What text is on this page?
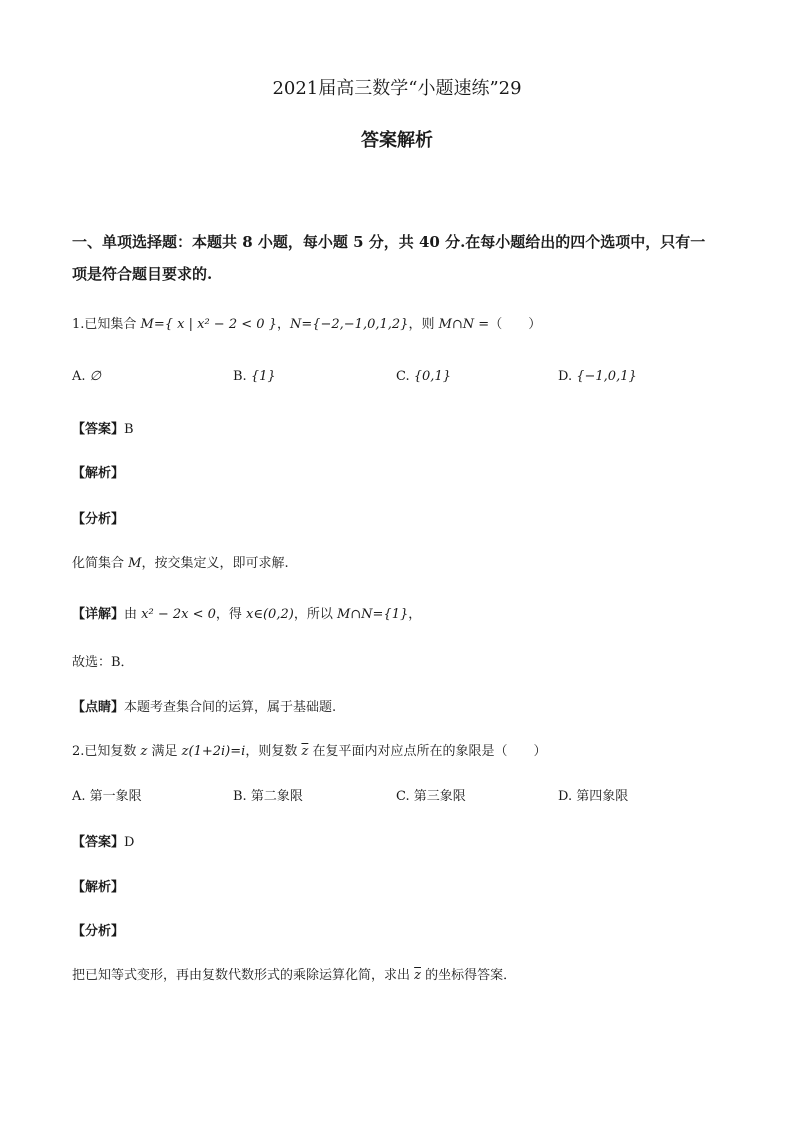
2021届高三数学“小题速练”29
答案解析
一、单项选择题：本题共 8 小题，每小题 5 分，共 40 分.在每小题给出的四个选项中，只有一
项是符合题目要求的.
1.已知集合 M={ x | x² − 2 < 0 }，N={−2,−1,0,1,2}，则 M∩N =（　　）
A. ∅	B. {1}	C. {0,1}	D. {−1,0,1}
【答案】B
【解析】
【分析】
化简集合 M，按交集定义，即可求解.
【详解】由 x² − 2x < 0，得 x∈(0,2)，所以 M∩N={1}，
故选：B．
【点睛】本题考查集合间的运算，属于基础题.
2.已知复数 z 满足 z(1+2i)=i，则复数 $\overline{z}$ 在复平面内对应点所在的象限是（　　）
A. 第一象限	B. 第二象限	C. 第三象限	D. 第四象限
【答案】D
【解析】
【分析】
把已知等式变形，再由复数代数形式的乘除运算化简，求出 $\overline{z}$ 的坐标得答案．
